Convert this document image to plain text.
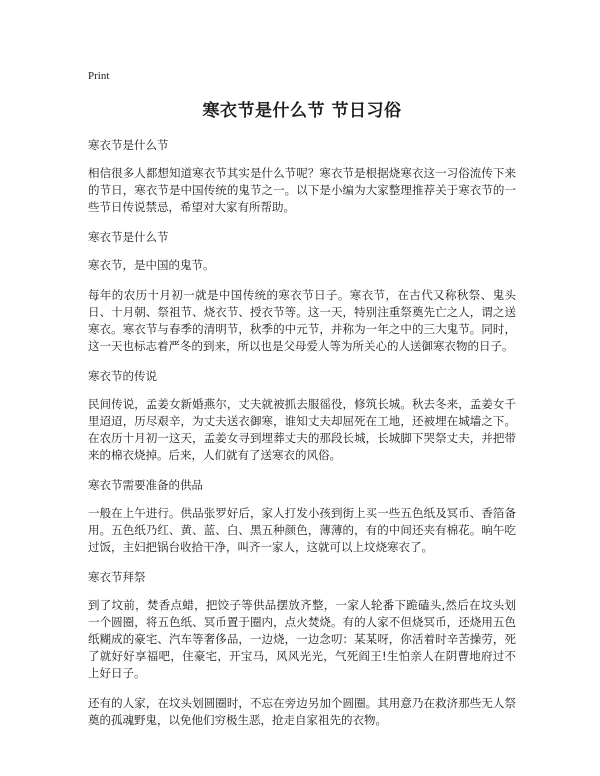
Print
寒衣节是什么节 节日习俗
寒衣节是什么节

相信很多人都想知道寒衣节其实是什么节呢？寒衣节是根据烧寒衣这一习俗流传下来的节日，寒衣节是中国传统的鬼节之一。以下是小编为大家整理推荐关于寒衣节的一些节日传说禁忌，希望对大家有所帮助。

寒衣节是什么节

寒衣节，是中国的鬼节。

每年的农历十月初一就是中国传统的寒衣节日子。寒衣节，在古代又称秋祭、鬼头日、十月朝、祭祖节、烧衣节、授衣节等。这一天，特别注重祭奠先亡之人，谓之送寒衣。寒衣节与春季的清明节，秋季的中元节，并称为一年之中的三大鬼节。同时，这一天也标志着严冬的到来，所以也是父母爱人等为所关心的人送御寒衣物的日子。

寒衣节的传说

民间传说，孟姜女新婚燕尔，丈夫就被抓去服徭役，修筑长城。秋去冬来，孟姜女千里迢迢，历尽艰辛，为丈夫送衣御寒，谁知丈夫却屈死在工地，还被埋在城墙之下。在农历十月初一这天，孟姜女寻到埋葬丈夫的那段长城，长城脚下哭祭丈夫，并把带来的棉衣烧掉。后来，人们就有了送寒衣的风俗。

寒衣节需要准备的供品

一般在上午进行。供品张罗好后，家人打发小孩到街上买一些五色纸及冥币、香箔备用。五色纸乃红、黄、蓝、白、黑五种颜色，薄薄的，有的中间还夹有棉花。晌午吃过饭，主妇把锅台收拾干净，叫齐一家人，这就可以上坟烧寒衣了。

寒衣节拜祭

到了坟前，焚香点蜡，把饺子等供品摆放齐整，一家人轮番下跪磕头,然后在坟头划一个圆圈，将五色纸、冥币置于圈内，点火焚烧。有的人家不但烧冥币，还烧用五色纸糊成的豪宅、汽车等奢侈品，一边烧，一边念叨：某某呀，你活着时辛苦操劳，死了就好好享福吧，住豪宅，开宝马，风风光光，气死阎王!生怕亲人在阴曹地府过不上好日子。

还有的人家，在坟头划圆圈时，不忘在旁边另加个圆圈。其用意乃在救济那些无人祭奠的孤魂野鬼，以免他们穷极生恶，抢走自家祖先的衣物。
